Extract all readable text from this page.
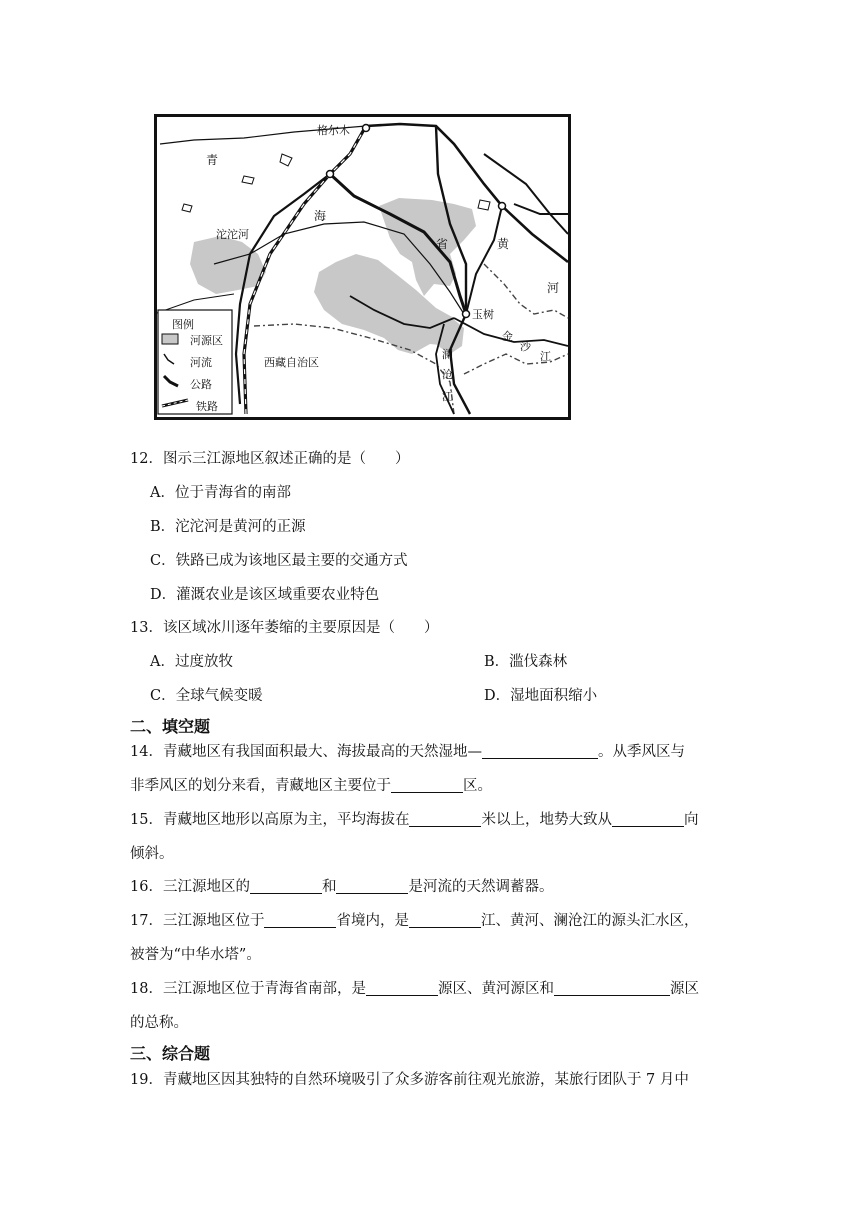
格尔木
青
海
省	黄
河
沱沱河
玉树
金
沙
江
西藏自治区
澜
沧
江
图例
河源区
河流
公路
铁路
12．图示三江源地区叙述正确的是（　　）
A．位于青海省的南部
B．沱沱河是黄河的正源
C．铁路已成为该地区最主要的交通方式
D．灌溉农业是该区域重要农业特色
13．该区域冰川逐年萎缩的主要原因是（　　）
A．过度放牧	B．滥伐森林
C．全球气候变暖	D．湿地面积缩小
二、填空题
14．青藏地区有我国面积最大、海拔最高的天然湿地—	。从季风区与
非季风区的划分来看，青藏地区主要位于	区。
15．青藏地区地形以高原为主，平均海拔在	米以上，地势大致从	向
倾斜。
16．三江源地区的	和	是河流的天然调蓄器。
17．三江源地区位于	省境内，是	江、黄河、澜沧江的源头汇水区，
被誉为“中华水塔”。
18．三江源地区位于青海省南部，是	源区、黄河源区和	源区
的总称。
三、综合题
19．青藏地区因其独特的自然环境吸引了众多游客前往观光旅游，某旅行团队于 7 月中
